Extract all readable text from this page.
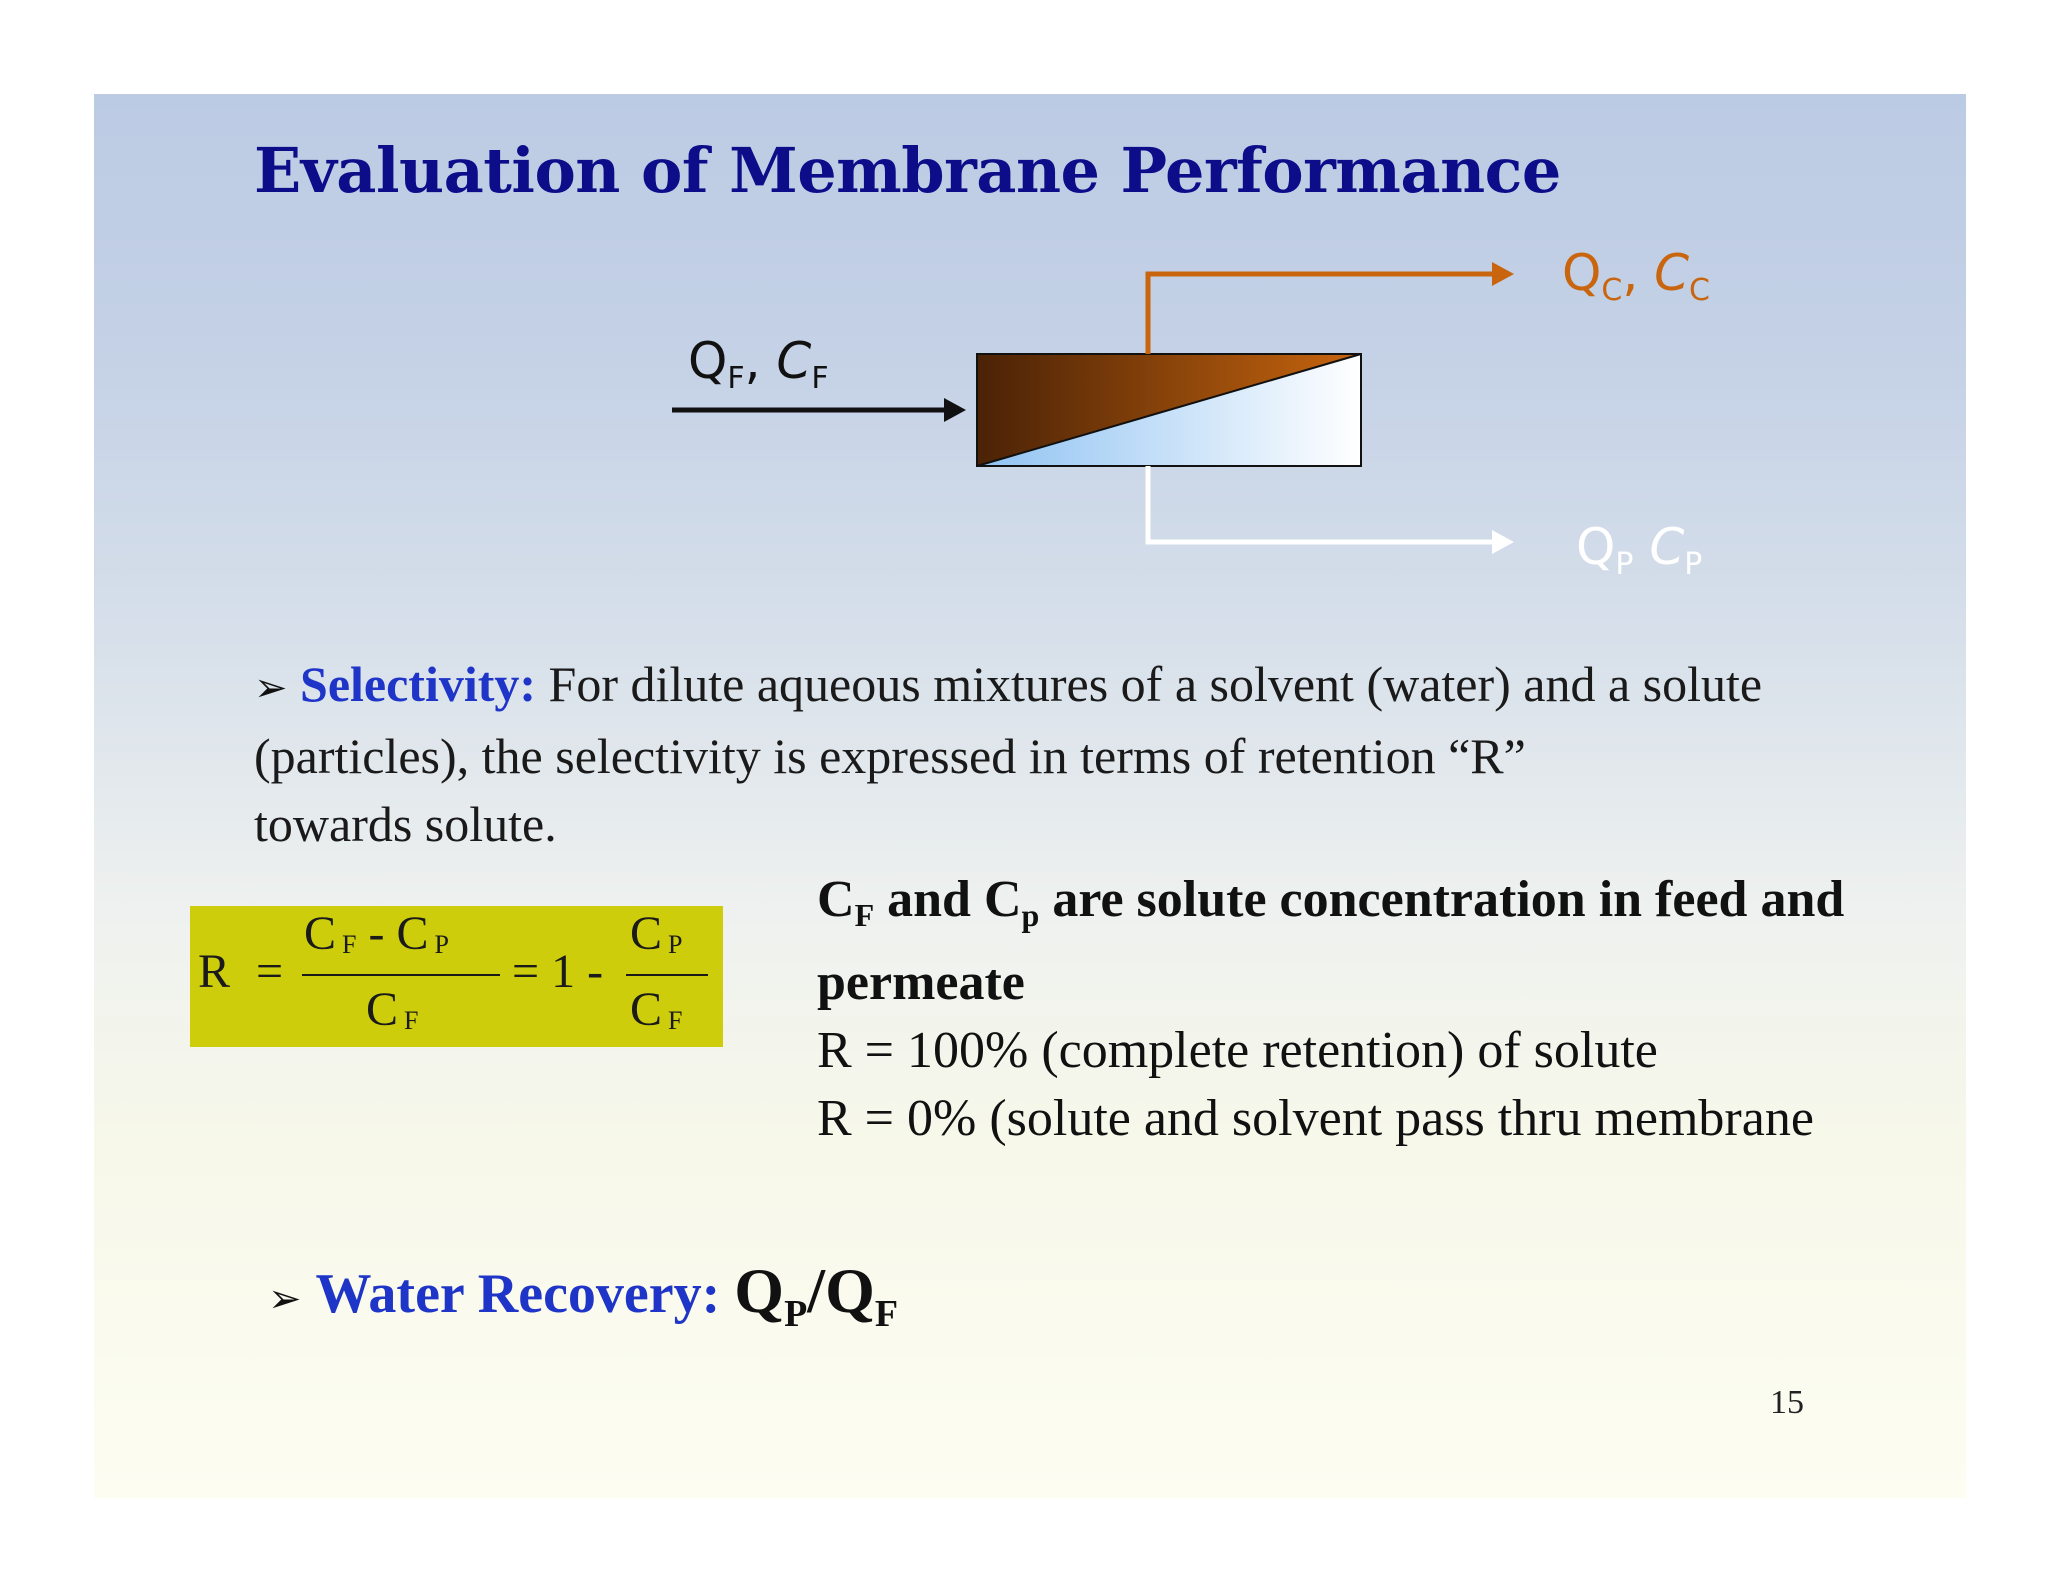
Evaluation of Membrane Performance
$Q_F$, $C_F$
$Q_C$, $C_C$
$Q_P$ $C_P$
➢ Selectivity: For dilute aqueous mixtures of a solvent (water) and a solute (particles), the selectivity is expressed in terms of retention “R”
towards solute.
R =
C $_F$ - C $_P$
C $_F$
= 1 -
C $_P$
C $_F$
$C_F$ and $C_p$ are solute concentration in feed and permeate
R = 100% (complete retention) of solute
R = 0% (solute and solvent pass thru membrane
➢ Water Recovery: $Q_P/Q_F$
15
